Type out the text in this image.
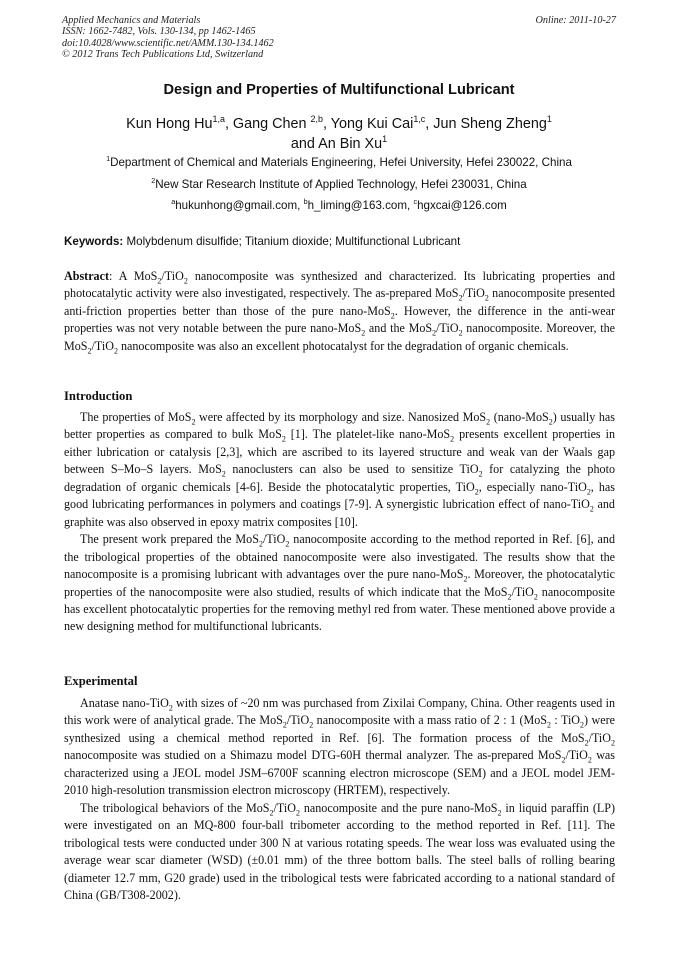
Applied Mechanics and Materials
ISSN: 1662-7482, Vols. 130-134, pp 1462-1465
doi:10.4028/www.scientific.net/AMM.130-134.1462
© 2012 Trans Tech Publications Ltd, Switzerland
Online: 2011-10-27
Design and Properties of Multifunctional Lubricant
Kun Hong Hu$^{1,a}$, Gang Chen $^{2,b}$, Yong Kui Cai$^{1,c}$, Jun Sheng Zheng$^1$
and An Bin Xu$^1$
$^1$Department of Chemical and Materials Engineering, Hefei University, Hefei 230022, China
$^2$New Star Research Institute of Applied Technology, Hefei 230031, China
$^a$hukunhong@gmail.com, $^b$h_liming@163.com, $^c$hgxcai@126.com
Keywords: Molybdenum disulfide; Titanium dioxide; Multifunctional Lubricant

Abstract: A MoS$_2$/TiO$_2$ nanocomposite was synthesized and characterized. Its lubricating properties and photocatalytic activity were also investigated, respectively. The as-prepared MoS$_2$/TiO$_2$ nanocomposite presented anti-friction properties better than those of the pure nano-MoS$_2$. However, the difference in the anti-wear properties was not very notable between the pure nano-MoS$_2$ and the MoS$_2$/TiO$_2$ nanocomposite. Moreover, the MoS$_2$/TiO$_2$ nanocomposite was also an excellent photocatalyst for the degradation of organic chemicals.

Introduction

The properties of MoS$_2$ were affected by its morphology and size. Nanosized MoS$_2$ (nano-MoS$_2$) usually has better properties as compared to bulk MoS$_2$ [1]. The platelet-like nano-MoS$_2$ presents excellent properties in either lubrication or catalysis [2,3], which are ascribed to its layered structure and weak van der Waals gap between S–Mo–S layers. MoS$_2$ nanoclusters can also be used to sensitize TiO$_2$ for catalyzing the photo degradation of organic chemicals [4-6]. Beside the photocatalytic properties, TiO$_2$, especially nano-TiO$_2$, has good lubricating performances in polymers and coatings [7-9]. A synergistic lubrication effect of nano-TiO$_2$ and graphite was also observed in epoxy matrix composites [10].

The present work prepared the MoS$_2$/TiO$_2$ nanocomposite according to the method reported in Ref. [6], and the tribological properties of the obtained nanocomposite were also investigated. The results show that the nanocomposite is a promising lubricant with advantages over the pure nano-MoS$_2$. Moreover, the photocatalytic properties of the nanocomposite were also studied, results of which indicate that the MoS$_2$/TiO$_2$ nanocomposite has excellent photocatalytic properties for the removing methyl red from water. These mentioned above provide a new designing method for multifunctional lubricants.

Experimental

Anatase nano-TiO$_2$ with sizes of ~20 nm was purchased from Zixilai Company, China. Other reagents used in this work were of analytical grade. The MoS$_2$/TiO$_2$ nanocomposite with a mass ratio of 2 : 1 (MoS$_2$ : TiO$_2$) were synthesized using a chemical method reported in Ref. [6]. The formation process of the MoS$_2$/TiO$_2$ nanocomposite was studied on a Shimazu model DTG-60H thermal analyzer. The as-prepared MoS$_2$/TiO$_2$ was characterized using a JEOL model JSM–6700F scanning electron microscope (SEM) and a JEOL model JEM-2010 high-resolution transmission electron microscopy (HRTEM), respectively.

The tribological behaviors of the MoS$_2$/TiO$_2$ nanocomposite and the pure nano-MoS$_2$ in liquid paraffin (LP) were investigated on an MQ-800 four-ball tribometer according to the method reported in Ref. [11]. The tribological tests were conducted under 300 N at various rotating speeds. The wear loss was evaluated using the average wear scar diameter (WSD) (±0.01 mm) of the three bottom balls. The steel balls of rolling bearing (diameter 12.7 mm, G20 grade) used in the tribological tests were fabricated according to a national standard of China (GB/T308-2002).
